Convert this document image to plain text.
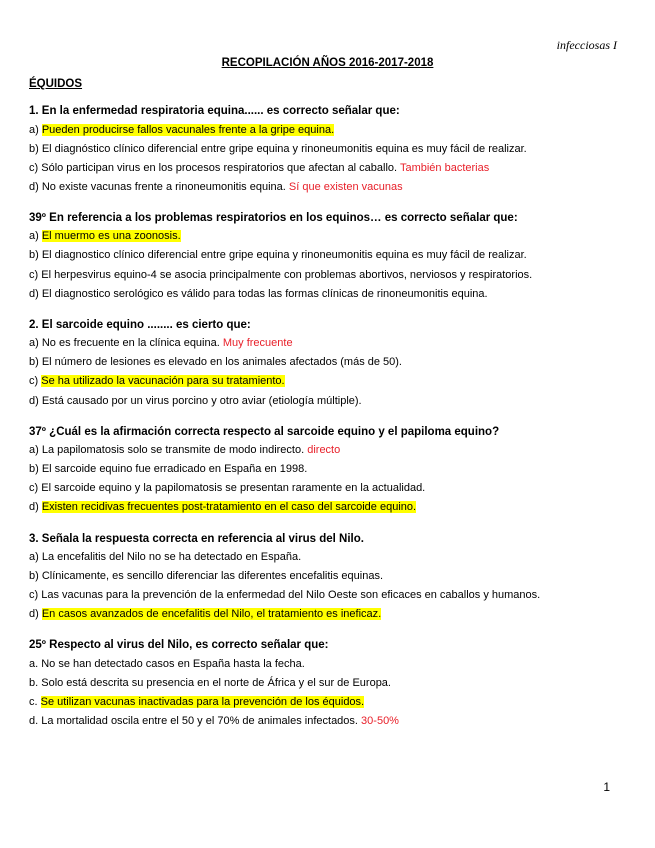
infecciosas I
RECOPILACIÓN AÑOS 2016-2017-2018
ÉQUIDOS
1. En la enfermedad respiratoria equina...... es correcto señalar que:
a) Pueden producirse fallos vacunales frente a la gripe equina.
b) El diagnóstico clínico diferencial entre gripe equina y rinoneumonitis equina es muy fácil de realizar.
c) Sólo participan virus en los procesos respiratorios que afectan al caballo. También bacterias
d) No existe vacunas frente a rinoneumonitis equina. Sí que existen vacunas
39º En referencia a los problemas respiratorios en los equinos… es correcto señalar que:
a) El muermo es una zoonosis.
b) El diagnostico clínico diferencial entre gripe equina y rinoneumonitis equina es muy fácil de realizar.
c) El herpesvirus equino-4 se asocia principalmente con problemas abortivos, nerviosos y respiratorios.
d) El diagnostico serológico es válido para todas las formas clínicas de rinoneumonitis equina.
2. El sarcoide equino ........ es cierto que:
a) No es frecuente en la clínica equina. Muy frecuente
b) El número de lesiones es elevado en los animales afectados (más de 50).
c) Se ha utilizado la vacunación para su tratamiento.
d) Está causado por un virus porcino y otro aviar (etiología múltiple).
37º ¿Cuál es la afirmación correcta respecto al sarcoide equino y el papiloma equino?
a) La papilomatosis solo se transmite de modo indirecto. directo
b) El sarcoide equino fue erradicado en España en 1998.
c) El sarcoide equino y la papilomatosis se presentan raramente en la actualidad.
d) Existen recidivas frecuentes post-tratamiento en el caso del sarcoide equino.
3. Señala la respuesta correcta en referencia al virus del Nilo.
a) La encefalitis del Nilo no se ha detectado en España.
b) Clínicamente, es sencillo diferenciar las diferentes encefalitis equinas.
c) Las vacunas para la prevención de la enfermedad del Nilo Oeste son eficaces en caballos y humanos.
d) En casos avanzados de encefalitis del Nilo, el tratamiento es ineficaz.
25º Respecto al virus del Nilo, es correcto señalar que:
a. No se han detectado casos en España hasta la fecha.
b. Solo está descrita su presencia en el norte de África y el sur de Europa.
c. Se utilizan vacunas inactivadas para la prevención de los équidos.
d. La mortalidad oscila entre el 50 y el 70% de animales infectados. 30-50%
1
